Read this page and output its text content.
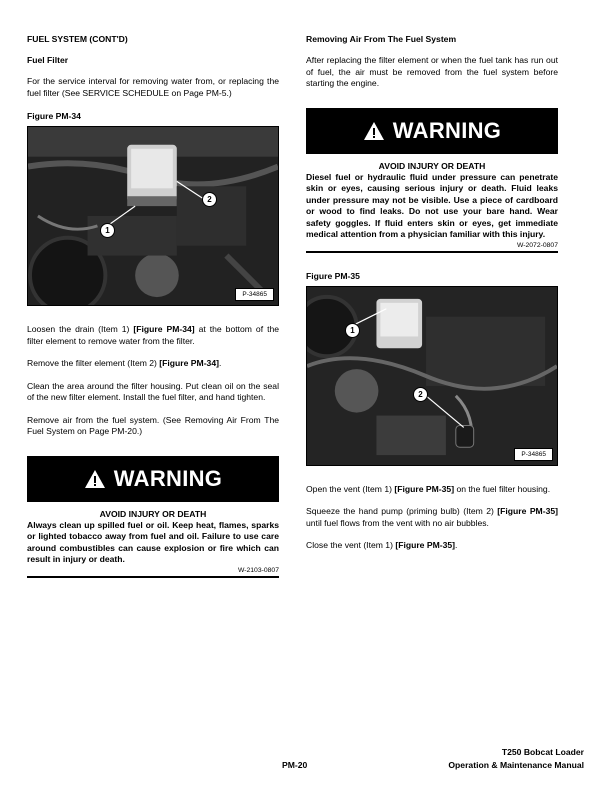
FUEL SYSTEM (CONT'D)
Fuel Filter
For the service interval for removing water from, or replacing the fuel filter (See SERVICE SCHEDULE on Page PM-5.)
Figure PM-34
1
2
P-34865
Loosen the drain (Item 1) [Figure PM-34] at the bottom of the filter element to remove water from the filter.
Remove the filter element (Item 2) [Figure PM-34].
Clean the area around the filter housing. Put clean oil on the seal of the new filter element. Install the fuel filter, and hand tighten.
Remove air from the fuel system. (See Removing Air From The Fuel System on Page PM-20.)
WARNING
AVOID INJURY OR DEATH
Always clean up spilled fuel or oil. Keep heat, flames, sparks or lighted tobacco away from fuel and oil. Failure to use care around combustibles can cause explosion or fire which can result in injury or death.
W-2103-0807
Removing Air From The Fuel System
After replacing the filter element or when the fuel tank has run out of fuel, the air must be removed from the fuel system before starting the engine.
WARNING
AVOID INJURY OR DEATH
Diesel fuel or hydraulic fluid under pressure can penetrate skin or eyes, causing serious injury or death. Fluid leaks under pressure may not be visible. Use a piece of cardboard or wood to find leaks. Do not use your bare hand. Wear safety goggles. If fluid enters skin or eyes, get immediate medical attention from a physician familiar with this injury.
W-2072-0807
Figure PM-35
1
2
P-34865
Open the vent (Item 1) [Figure PM-35] on the fuel filter housing.
Squeeze the hand pump (priming bulb) (Item 2) [Figure PM-35] until fuel flows from the vent with no air bubbles.
Close the vent (Item 1) [Figure PM-35].
PM-20
T250 Bobcat Loader
Operation & Maintenance Manual
